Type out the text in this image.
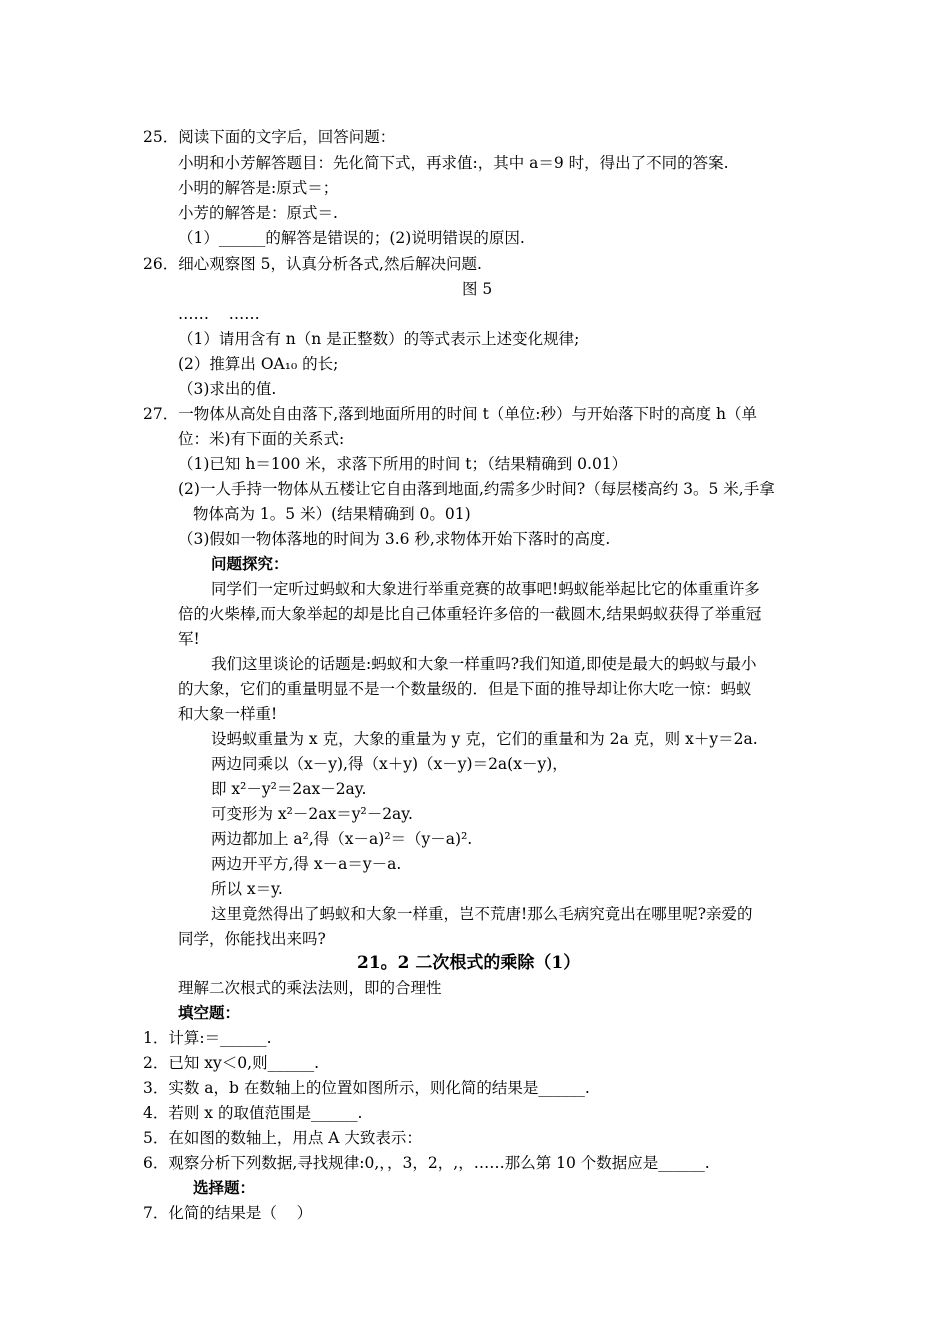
25．阅读下面的文字后，回答问题：
小明和小芳解答题目：先化简下式，再求值:，其中 a＝9 时，得出了不同的答案.
小明的解答是:原式＝；
小芳的解答是：原式＝.
（1）______的解答是错误的；(2)说明错误的原因.
26．细心观察图 5，认真分析各式,然后解决问题.
图 5
……    ……
（1）请用含有 n（n 是正整数）的等式表示上述变化规律;
(2）推算出 OA₁₀ 的长;
（3)求出的值.
27．一物体从高处自由落下,落到地面所用的时间 t（单位:秒）与开始落下时的高度 h（单
位：米)有下面的关系式:
（1)已知 h＝100 米，求落下所用的时间 t；（结果精确到 0.01）
(2)一人手持一物体从五楼让它自由落到地面,约需多少时间?（每层楼高约 3。5 米,手拿
物体高为 1。5 米）(结果精确到 0。01)
（3)假如一物体落地的时间为 3.6 秒,求物体开始下落时的高度.
问题探究：
同学们一定听过蚂蚁和大象进行举重竞赛的故事吧!蚂蚁能举起比它的体重重许多
倍的火柴棒,而大象举起的却是比自己体重轻许多倍的一截圆木,结果蚂蚁获得了举重冠
军!
我们这里谈论的话题是:蚂蚁和大象一样重吗?我们知道,即使是最大的蚂蚁与最小
的大象，它们的重量明显不是一个数量级的．但是下面的推导却让你大吃一惊：蚂蚁
和大象一样重!
设蚂蚁重量为 x 克，大象的重量为 y 克，它们的重量和为 2a 克，则 x＋y＝2a.
两边同乘以（x－y),得（x＋y)（x－y)＝2a(x－y)，
即 x²－y²＝2ax－2ay.
可变形为 x²－2ax＝y²－2ay.
两边都加上 a²,得（x－a)²＝（y－a)².
两边开平方,得 x－a＝y－a.
所以 x＝y.
这里竟然得出了蚂蚁和大象一样重，岂不荒唐!那么毛病究竟出在哪里呢?亲爱的
同学，你能找出来吗?
21。2 二次根式的乘除（1）
理解二次根式的乘法法则，即的合理性
填空题：
1．计算:＝______.
2．已知 xy＜0,则______.
3．实数 a，b 在数轴上的位置如图所示，则化简的结果是______.
4．若则 x 的取值范围是______.
5．在如图的数轴上，用点 A 大致表示：
6．观察分析下列数据,寻找规律:0,，，3，2，,，……那么第 10 个数据应是______.
选择题：
7．化简的结果是（    ）
